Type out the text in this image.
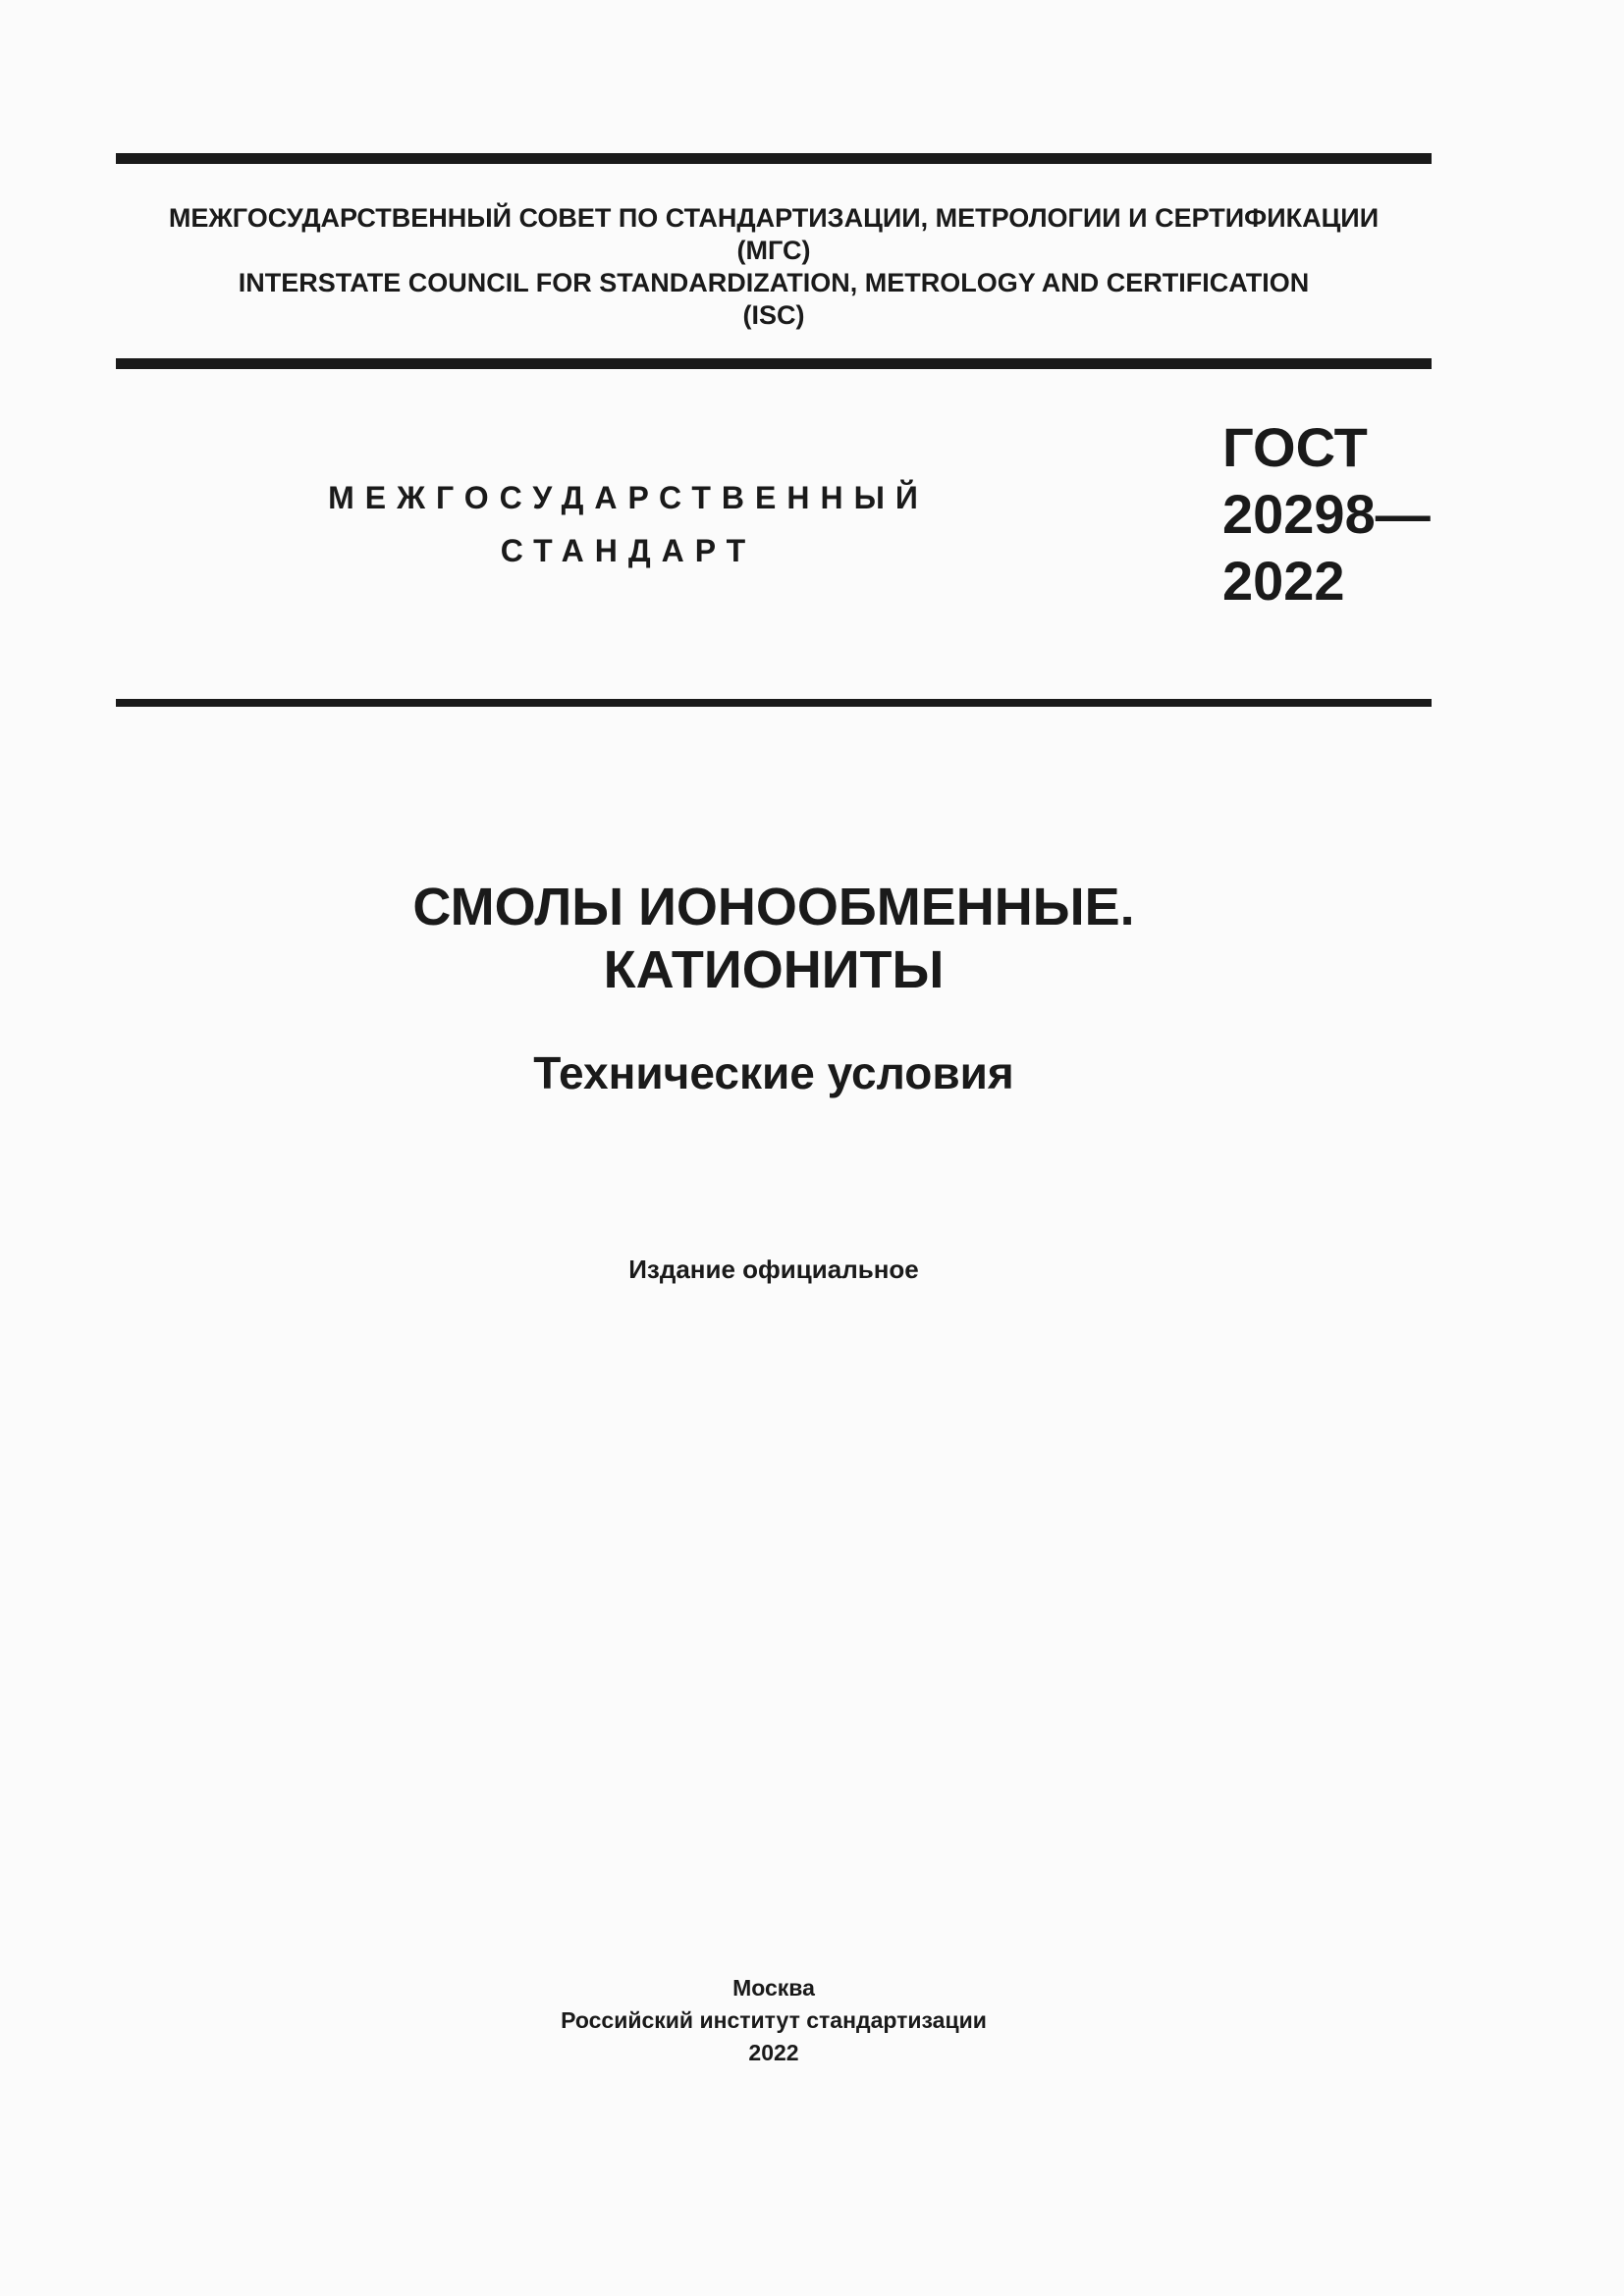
МЕЖГОСУДАРСТВЕННЫЙ СОВЕТ ПО СТАНДАРТИЗАЦИИ, МЕТРОЛОГИИ И СЕРТИФИКАЦИИ
(МГС)
INTERSTATE COUNCIL FOR STANDARDIZATION, METROLOGY AND CERTIFICATION
(ISC)
МЕЖГОСУДАРСТВЕННЫЙ
СТАНДАРТ
ГОСТ
20298—
2022
СМОЛЫ ИОНООБМЕННЫЕ.
КАТИОНИТЫ
Технические условия
Издание официальное
Москва
Российский институт стандартизации
2022
